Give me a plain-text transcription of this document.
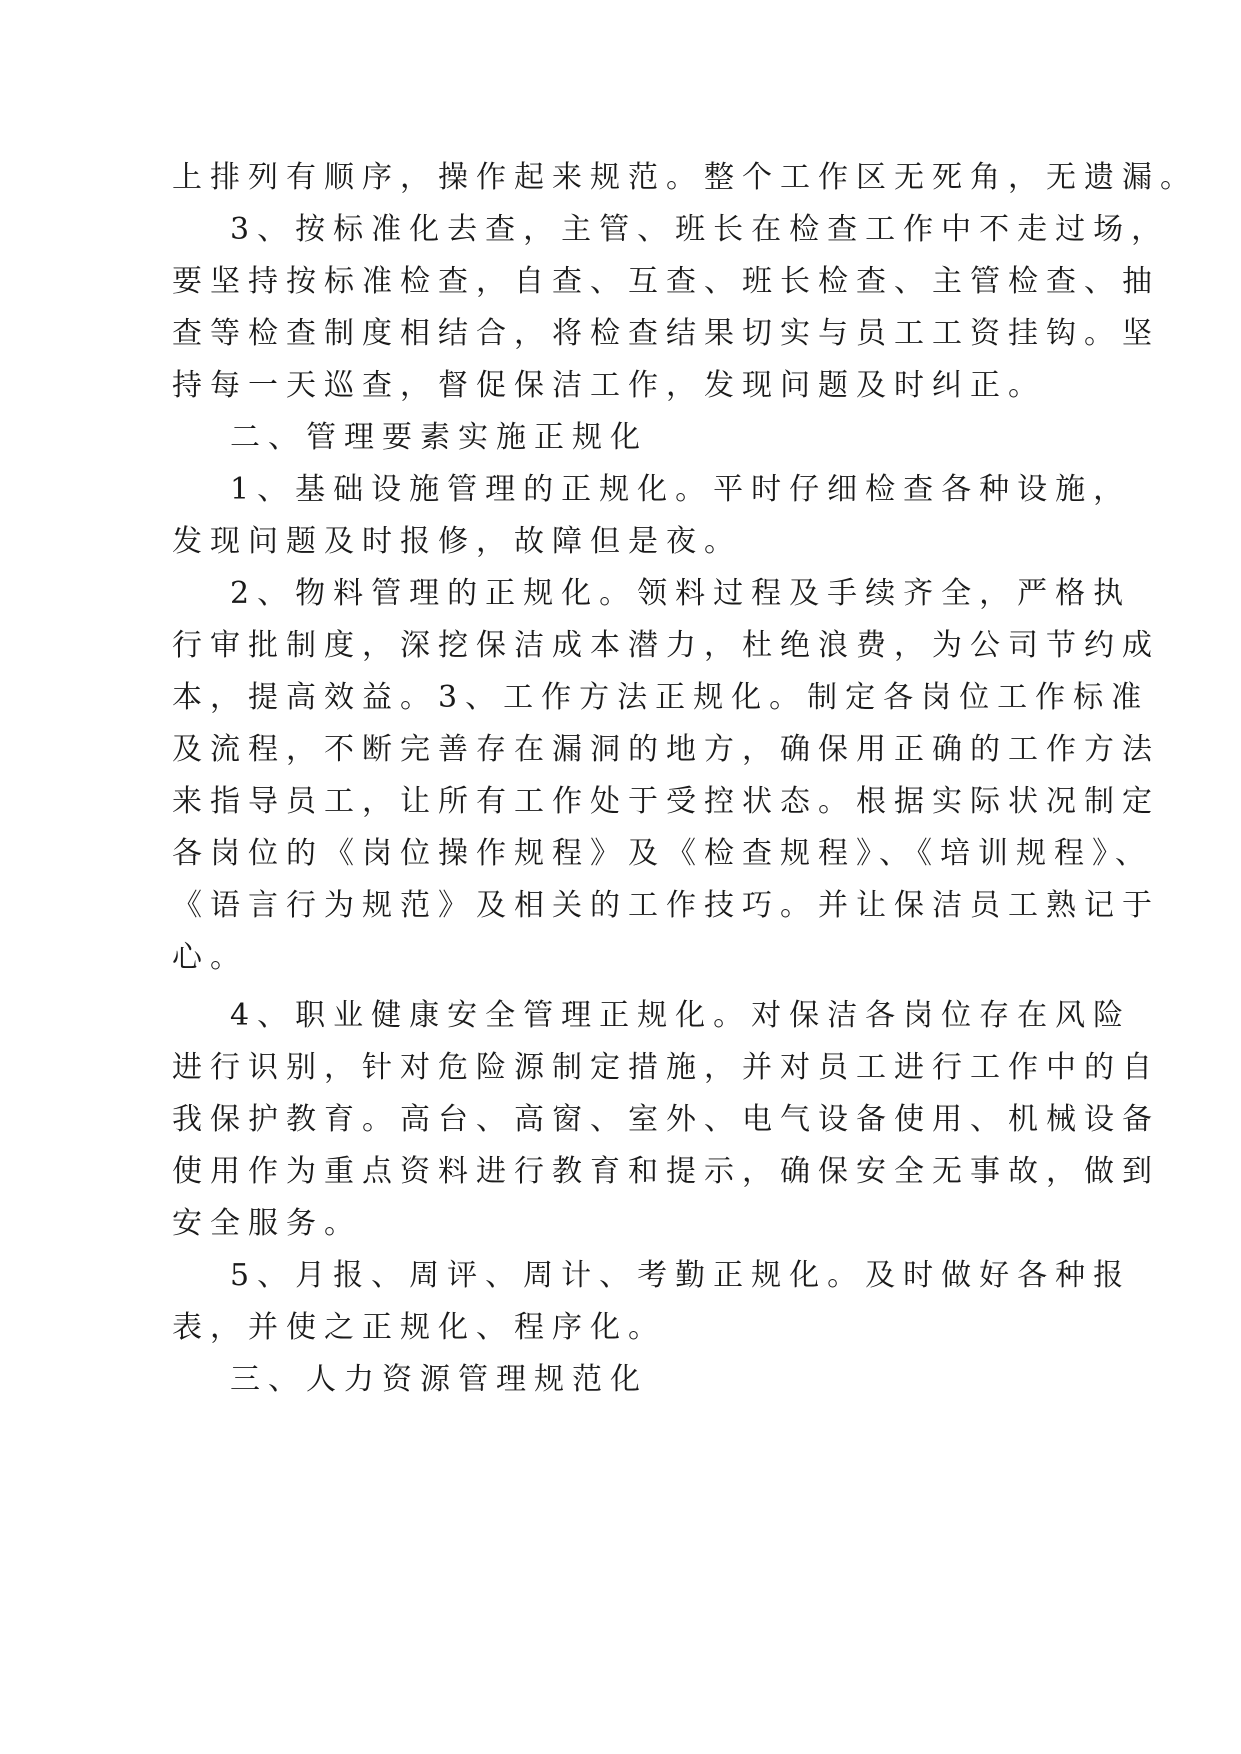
上排列有顺序，操作起来规范。整个工作区无死角，无遗漏。
3、按标准化去查，主管、班长在检查工作中不走过场，
要坚持按标准检查，自查、互查、班长检查、主管检查、抽
查等检查制度相结合，将检查结果切实与员工工资挂钩。坚
持每一天巡查，督促保洁工作，发现问题及时纠正。
二、管理要素实施正规化
1、基础设施管理的正规化。平时仔细检查各种设施，
发现问题及时报修，故障但是夜。
2、物料管理的正规化。领料过程及手续齐全，严格执
行审批制度，深挖保洁成本潜力，杜绝浪费，为公司节约成
本，提高效益。3、工作方法正规化。制定各岗位工作标准
及流程，不断完善存在漏洞的地方，确保用正确的工作方法
来指导员工，让所有工作处于受控状态。根据实际状况制定
各岗位的《岗位操作规程》及《检查规程》、《培训规程》、
《语言行为规范》及相关的工作技巧。并让保洁员工熟记于
心。
4、职业健康安全管理正规化。对保洁各岗位存在风险
进行识别，针对危险源制定措施，并对员工进行工作中的自
我保护教育。高台、高窗、室外、电气设备使用、机械设备
使用作为重点资料进行教育和提示，确保安全无事故，做到
安全服务。
5、月报、周评、周计、考勤正规化。及时做好各种报
表，并使之正规化、程序化。
三、人力资源管理规范化
